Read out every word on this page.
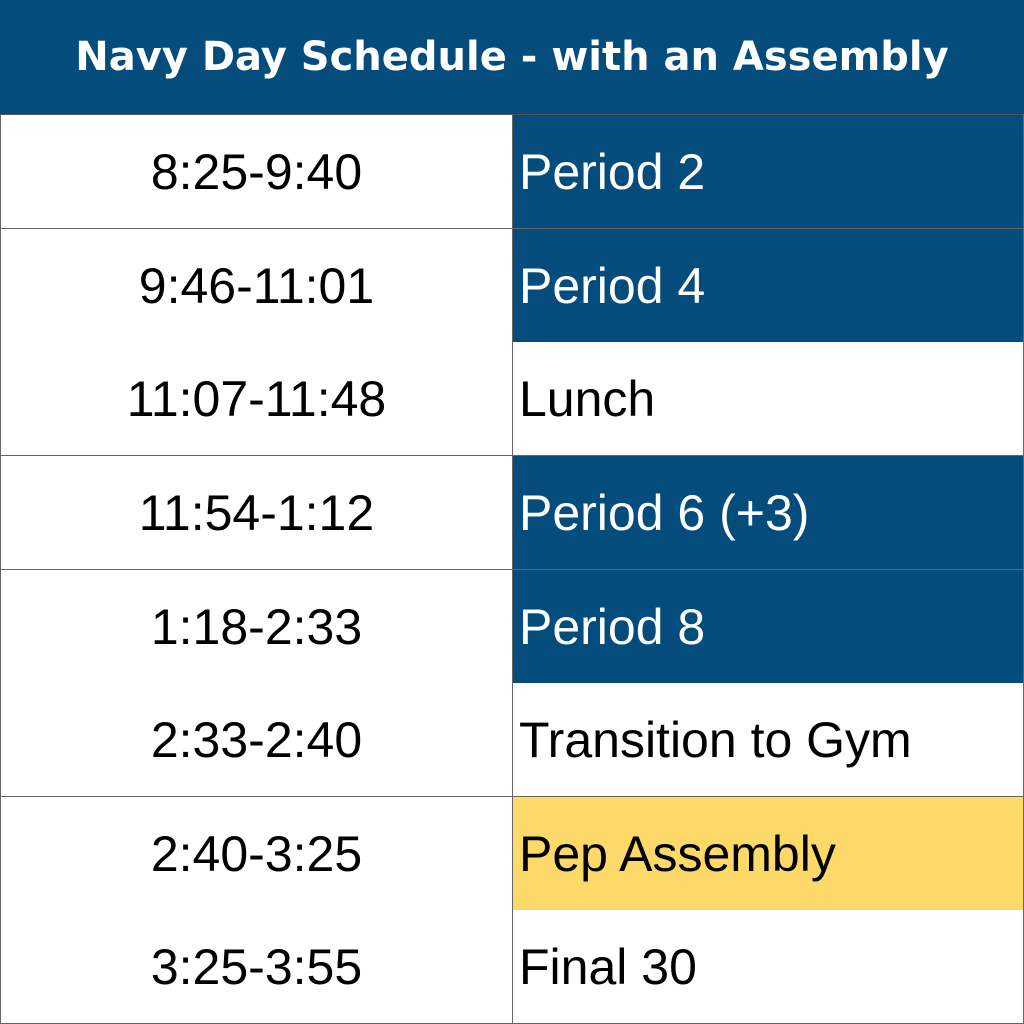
Navy Day Schedule - with an Assembly
8:25-9:40	Period 2
9:46-11:01	Period 4
11:07-11:48	Lunch
11:54-1:12	Period 6 (+3)
1:18-2:33	Period 8
2:33-2:40	Transition to Gym
2:40-3:25	Pep Assembly
3:25-3:55	Final 30
